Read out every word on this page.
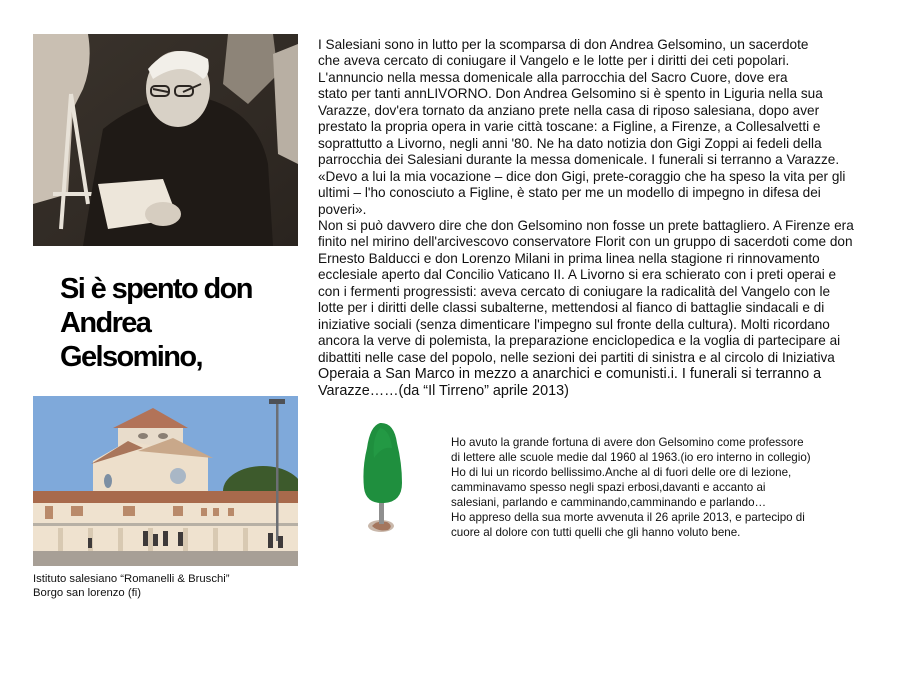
Si è spento don
Andrea
Gelsomino,
I Salesiani sono in lutto per la scomparsa di don Andrea Gelsomino, un sacerdote
che aveva cercato di coniugare il Vangelo e le lotte per i diritti dei ceti popolari.
L'annuncio nella messa domenicale alla parrocchia del Sacro Cuore, dove era
stato per tanti annLIVORNO. Don Andrea Gelsomino si è spento in Liguria nella sua
Varazze, dov'era tornato da anziano prete nella casa di riposo salesiana, dopo aver
prestato la propria opera in varie città toscane: a Figline, a Firenze, a Collesalvetti e
soprattutto a Livorno, negli anni '80. Ne ha dato notizia don Gigi Zoppi ai fedeli della
parrocchia dei Salesiani durante la messa domenicale. I funerali si terranno a Varazze.
«Devo a lui la mia vocazione – dice don Gigi, prete-coraggio che ha speso la vita per gli
ultimi – l'ho conosciuto a Figline, è stato per me un modello di impegno in difesa dei
poveri».
Non si può davvero dire che don Gelsomino non fosse un prete battagliero. A Firenze era
finito nel mirino dell'arcivescovo conservatore Florit con un gruppo di sacerdoti come don
Ernesto Balducci e don Lorenzo Milani in prima linea nella stagione ri rinnovamento
ecclesiale aperto dal Concilio Vaticano II. A Livorno si era schierato con i preti operai e
con i fermenti progressisti: aveva cercato di coniugare la radicalità del Vangelo con le
lotte per i diritti delle classi subalterne, mettendosi al fianco di battaglie sindacali e di
iniziative sociali (senza dimenticare l'impegno sul fronte della cultura). Molti ricordano
ancora la verve di polemista, la preparazione enciclopedica e la voglia di partecipare ai
dibattiti nelle case del popolo, nelle sezioni dei partiti di sinistra e al circolo di Iniziativa
Operaia a San Marco in mezzo a anarchici e comunisti.i. I funerali si terranno a
Varazze……(da “Il Tirreno” aprile 2013)
Istituto salesiano “Romanelli & Bruschi”
Borgo san lorenzo (fi)
Ho avuto la grande fortuna di avere don Gelsomino come professore
di lettere alle scuole medie dal 1960 al 1963.(io ero interno in collegio)
Ho di lui un ricordo bellissimo.Anche al di fuori delle ore di lezione,
camminavamo spesso negli spazi erbosi,davanti e accanto ai
salesiani, parlando e camminando,camminando e parlando…
Ho appreso della sua morte avvenuta il 26 aprile 2013, e partecipo di
cuore al dolore con tutti quelli che gli hanno voluto bene.
